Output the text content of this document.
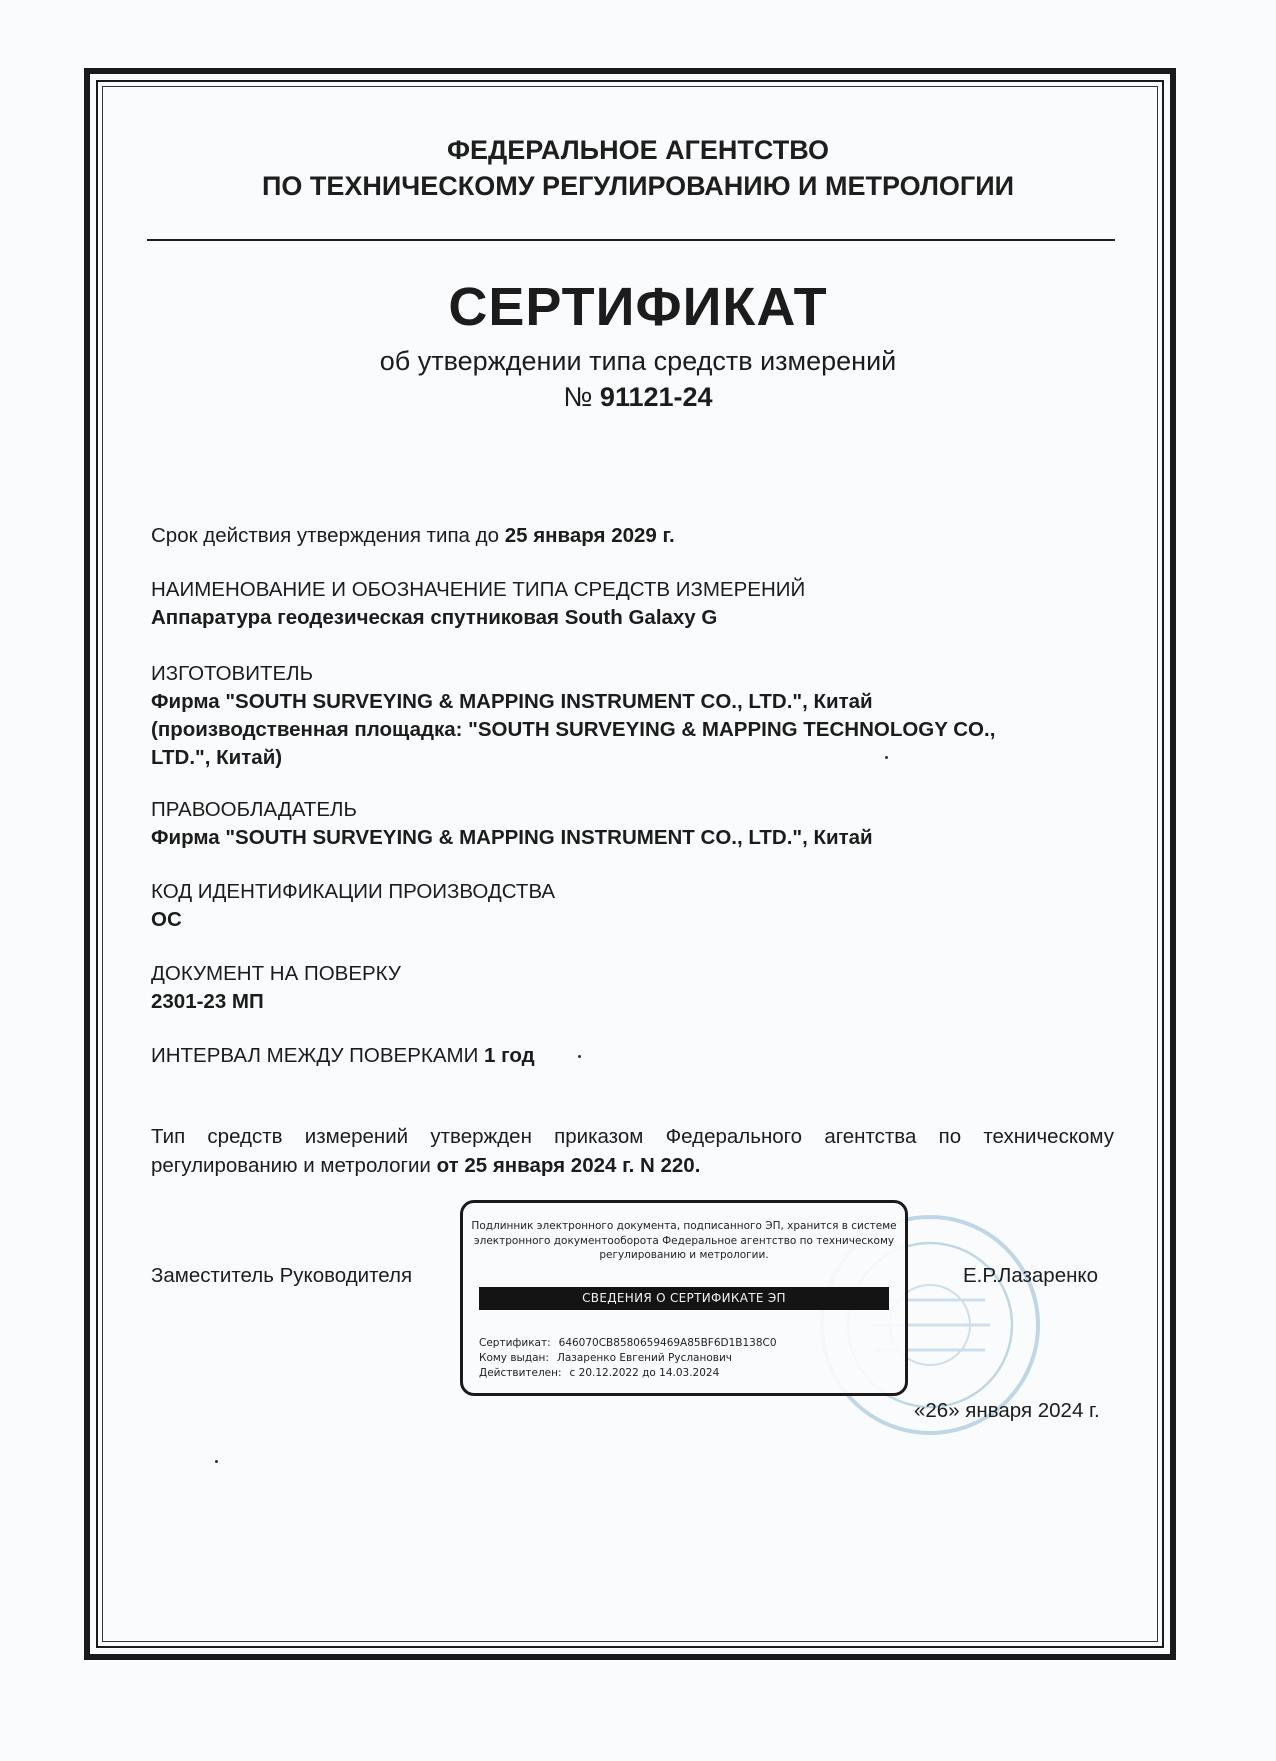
ФЕДЕРАЛЬНОЕ АГЕНТСТВО
ПО ТЕХНИЧЕСКОМУ РЕГУЛИРОВАНИЮ И МЕТРОЛОГИИ
СЕРТИФИКАТ
об утверждении типа средств измерений
№ 91121-24
Срок действия утверждения типа до 25 января 2029 г.
НАИМЕНОВАНИЕ И ОБОЗНАЧЕНИЕ ТИПА СРЕДСТВ ИЗМЕРЕНИЙ
Аппаратура геодезическая спутниковая South Galaxy G
ИЗГОТОВИТЕЛЬ
Фирма "SOUTH SURVEYING & MAPPING INSTRUMENT CO., LTD.", Китай
(производственная площадка: "SOUTH SURVEYING & MAPPING TECHNOLOGY CO.,
LTD.", Китай)
ПРАВООБЛАДАТЕЛЬ
Фирма "SOUTH SURVEYING & MAPPING INSTRUMENT CO., LTD.", Китай
КОД ИДЕНТИФИКАЦИИ ПРОИЗВОДСТВА
ОС
ДОКУМЕНТ НА ПОВЕРКУ
2301-23 МП
ИНТЕРВАЛ МЕЖДУ ПОВЕРКАМИ 1 год
Тип средств измерений утвержден приказом Федерального агентства по техническому регулированию и метрологии от 25 января 2024 г. N 220.
Заместитель Руководителя	Е.Р.Лазаренко
Подлинник электронного документа, подписанного ЭП, хранится в системе электронного документооборота Федеральное агентство по техническому регулированию и метрологии.
СВЕДЕНИЯ О СЕРТИФИКАТЕ ЭП
Сертификат: 646070CB8580659469A85BF6D1B138C0
Кому выдан: Лазаренко Евгений Русланович
Действителен: с 20.12.2022 до 14.03.2024
«26» января 2024 г.
